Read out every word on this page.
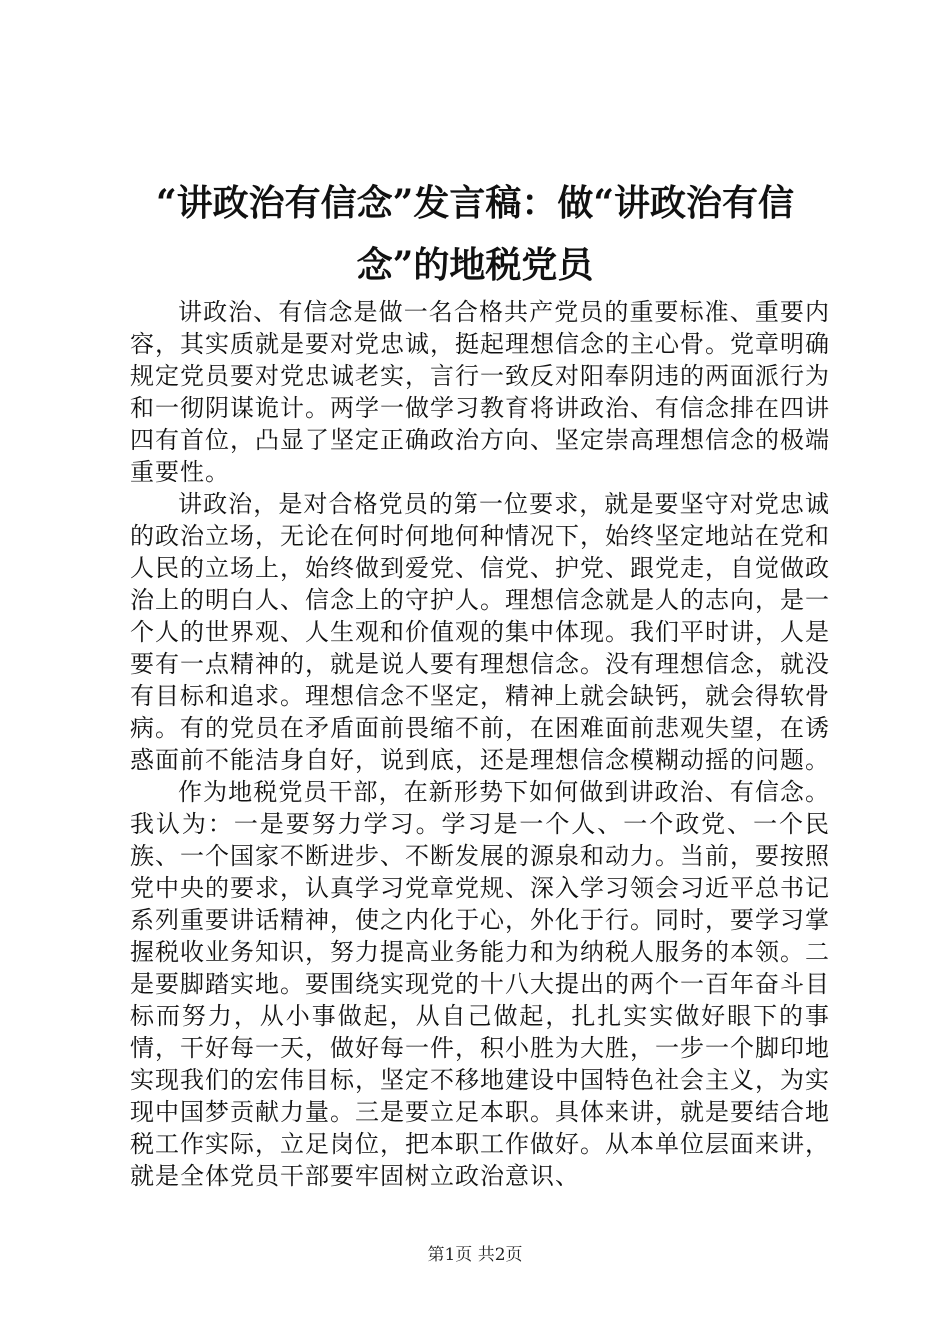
“讲政治有信念”发言稿：做“讲政治有信念”的地税党员

讲政治、有信念是做一名合格共产党员的重要标准、重要内容，其实质就是要对党忠诚，挺起理想信念的主心骨。党章明确规定党员要对党忠诚老实，言行一致反对阳奉阴违的两面派行为和一彻阴谋诡计。两学一做学习教育将讲政治、有信念排在四讲四有首位，凸显了坚定正确政治方向、坚定崇高理想信念的极端重要性。

讲政治，是对合格党员的第一位要求，就是要坚守对党忠诚的政治立场，无论在何时何地何种情况下，始终坚定地站在党和人民的立场上，始终做到爱党、信党、护党、跟党走，自觉做政治上的明白人、信念上的守护人。理想信念就是人的志向，是一个人的世界观、人生观和价值观的集中体现。我们平时讲，人是要有一点精神的，就是说人要有理想信念。没有理想信念，就没有目标和追求。理想信念不坚定，精神上就会缺钙，就会得软骨病。有的党员在矛盾面前畏缩不前，在困难面前悲观失望，在诱惑面前不能洁身自好，说到底，还是理想信念模糊动摇的问题。

作为地税党员干部，在新形势下如何做到讲政治、有信念。我认为：一是要努力学习。学习是一个人、一个政党、一个民族、一个国家不断进步、不断发展的源泉和动力。当前，要按照党中央的要求，认真学习党章党规、深入学习领会习近平总书记系列重要讲话精神，使之内化于心，外化于行。同时，要学习掌握税收业务知识，努力提高业务能力和为纳税人服务的本领。二是要脚踏实地。要围绕实现党的十八大提出的两个一百年奋斗目标而努力，从小事做起，从自己做起，扎扎实实做好眼下的事情，干好每一天，做好每一件，积小胜为大胜，一步一个脚印地实现我们的宏伟目标，坚定不移地建设中国特色社会主义，为实现中国梦贡献力量。三是要立足本职。具体来讲，就是要结合地税工作实际，立足岗位，把本职工作做好。从本单位层面来讲，就是全体党员干部要牢固树立政治意识、

第1页 共2页
